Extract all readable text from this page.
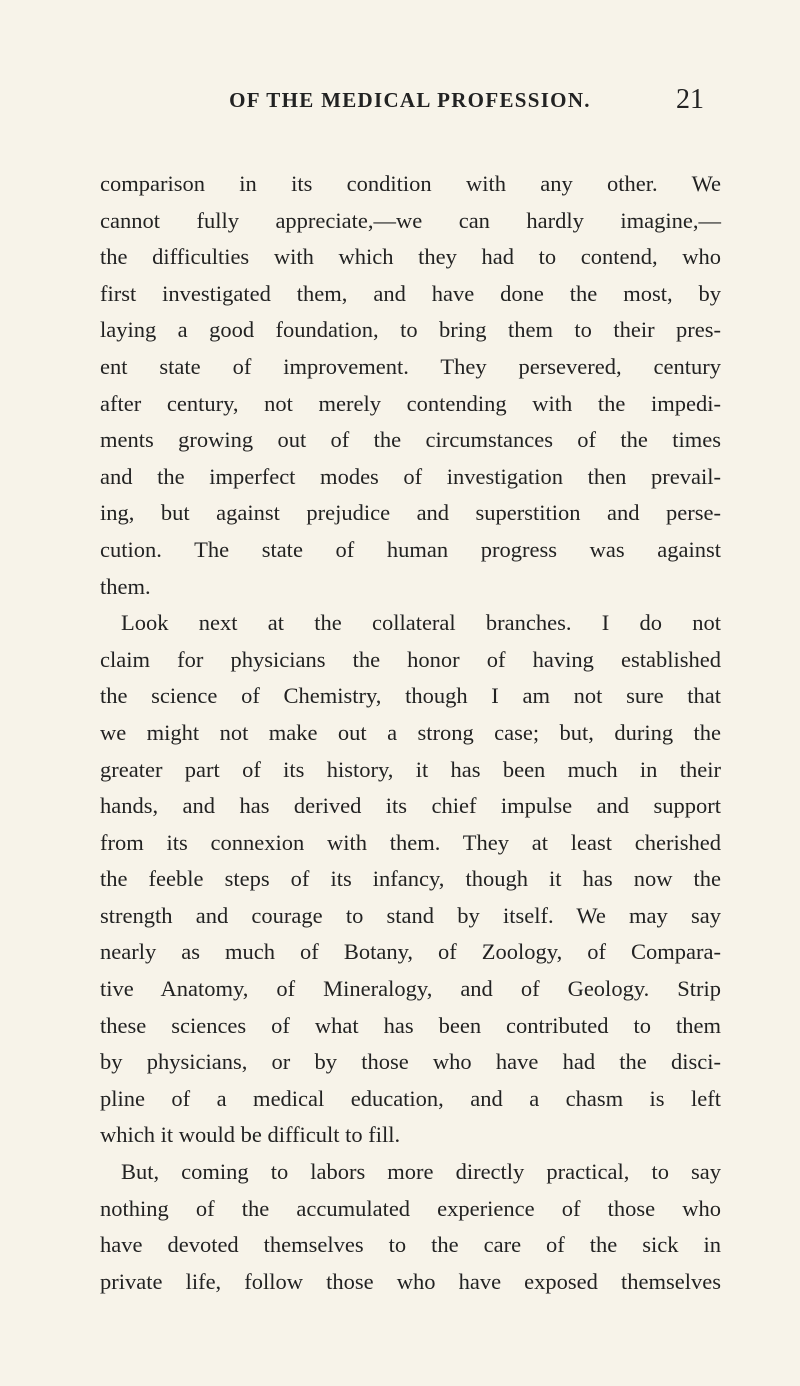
OF THE MEDICAL PROFESSION.	21
comparison in its condition with any other. We
cannot fully appreciate,—we can hardly imagine,—
the difficulties with which they had to contend, who
first investigated them, and have done the most, by
laying a good foundation, to bring them to their pres-
ent state of improvement. They persevered, century
after century, not merely contending with the impedi-
ments growing out of the circumstances of the times
and the imperfect modes of investigation then prevail-
ing, but against prejudice and superstition and perse-
cution. The state of human progress was against
them.
Look next at the collateral branches. I do not
claim for physicians the honor of having established
the science of Chemistry, though I am not sure that
we might not make out a strong case; but, during the
greater part of its history, it has been much in their
hands, and has derived its chief impulse and support
from its connexion with them. They at least cherished
the feeble steps of its infancy, though it has now the
strength and courage to stand by itself. We may say
nearly as much of Botany, of Zoology, of Compara-
tive Anatomy, of Mineralogy, and of Geology. Strip
these sciences of what has been contributed to them
by physicians, or by those who have had the disci-
pline of a medical education, and a chasm is left
which it would be difficult to fill.
But, coming to labors more directly practical, to say
nothing of the accumulated experience of those who
have devoted themselves to the care of the sick in
private life, follow those who have exposed themselves
